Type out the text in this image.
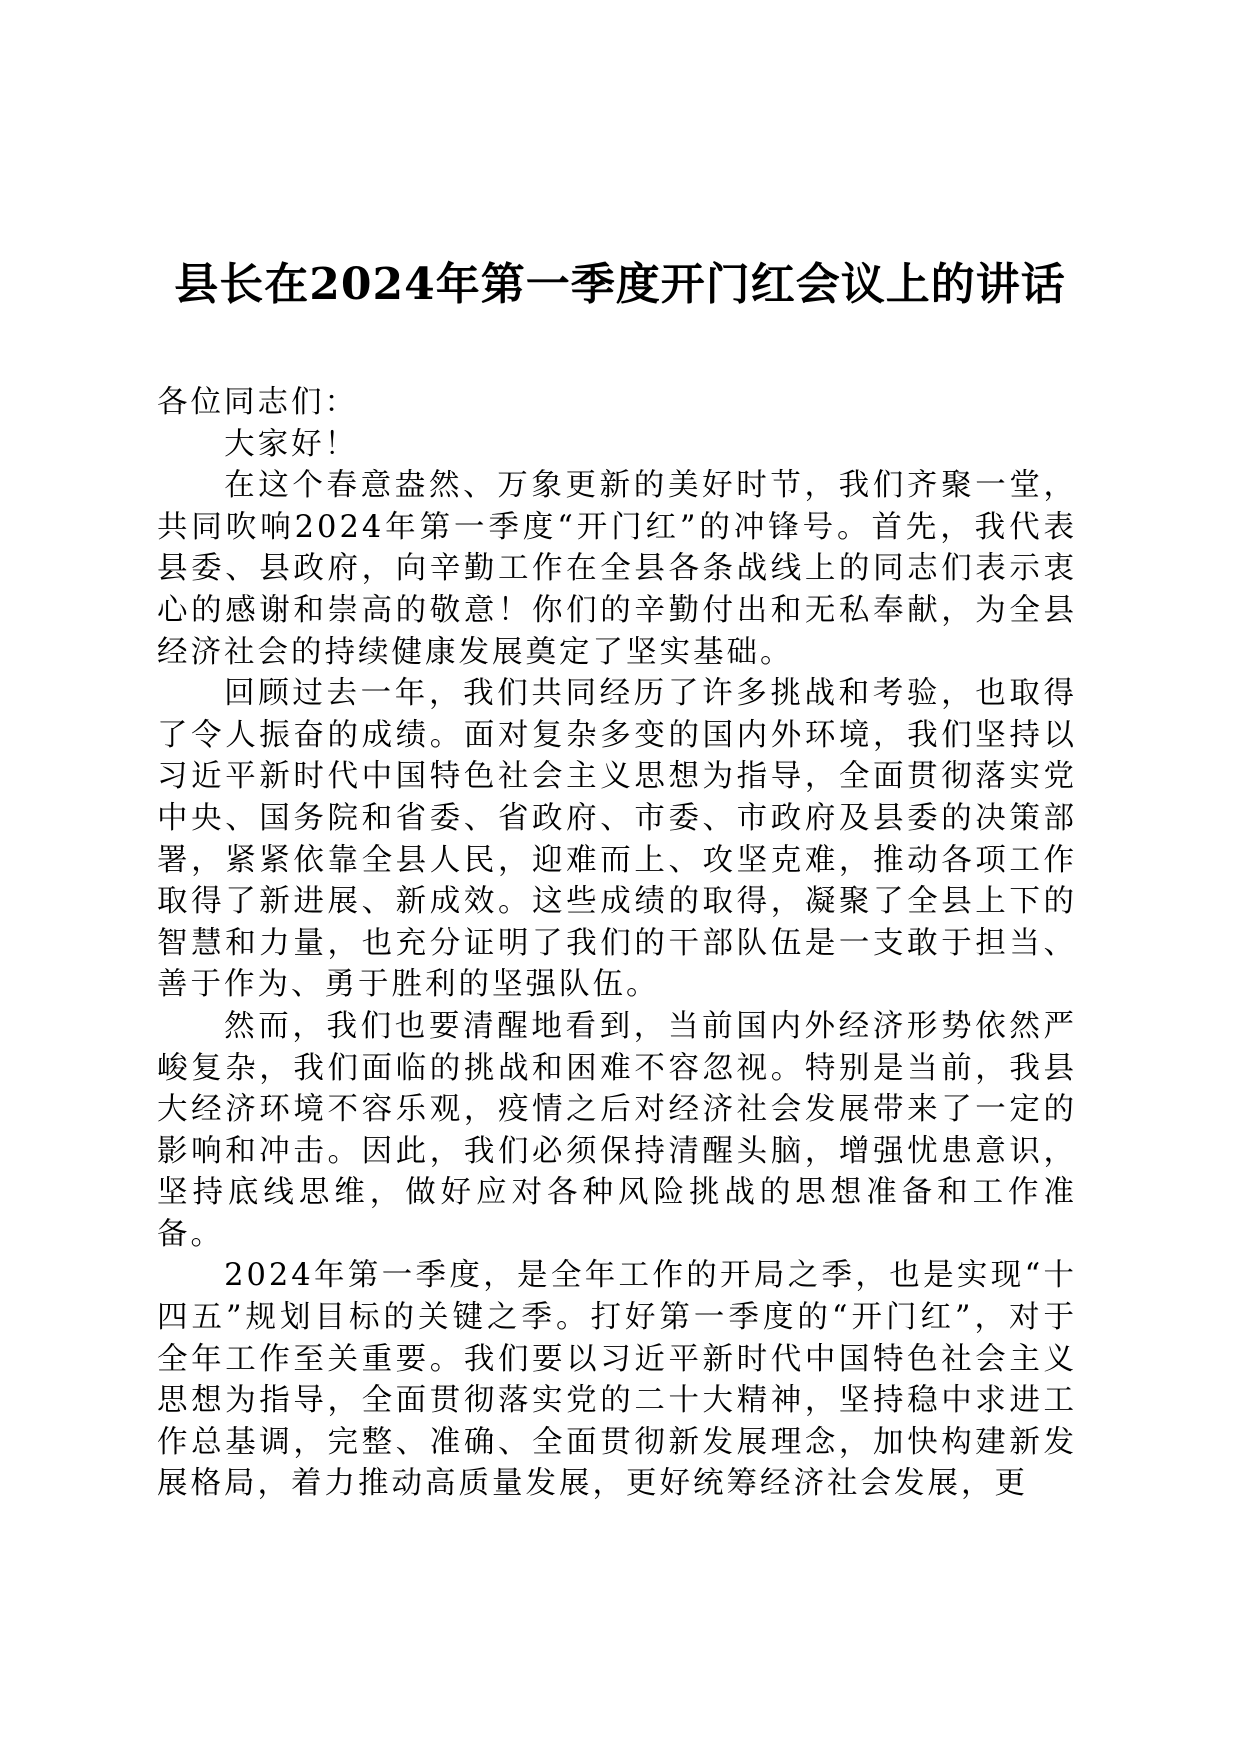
县长在2024年第一季度开门红会议上的讲话

各位同志们：

大家好！

在这个春意盎然、万象更新的美好时节，我们齐聚一堂，共同吹响2024年第一季度“开门红”的冲锋号。首先，我代表县委、县政府，向辛勤工作在全县各条战线上的同志们表示衷心的感谢和崇高的敬意！你们的辛勤付出和无私奉献，为全县经济社会的持续健康发展奠定了坚实基础。

回顾过去一年，我们共同经历了许多挑战和考验，也取得了令人振奋的成绩。面对复杂多变的国内外环境，我们坚持以习近平新时代中国特色社会主义思想为指导，全面贯彻落实党中央、国务院和省委、省政府、市委、市政府及县委的决策部署，紧紧依靠全县人民，迎难而上、攻坚克难，推动各项工作取得了新进展、新成效。这些成绩的取得，凝聚了全县上下的智慧和力量，也充分证明了我们的干部队伍是一支敢于担当、善于作为、勇于胜利的坚强队伍。

然而，我们也要清醒地看到，当前国内外经济形势依然严峻复杂，我们面临的挑战和困难不容忽视。特别是当前，我县大经济环境不容乐观，疫情之后对经济社会发展带来了一定的影响和冲击。因此，我们必须保持清醒头脑，增强忧患意识，坚持底线思维，做好应对各种风险挑战的思想准备和工作准备。

2024年第一季度，是全年工作的开局之季，也是实现“十四五”规划目标的关键之季。打好第一季度的“开门红”，对于全年工作至关重要。我们要以习近平新时代中国特色社会主义思想为指导，全面贯彻落实党的二十大精神，坚持稳中求进工作总基调，完整、准确、全面贯彻新发展理念，加快构建新发展格局，着力推动高质量发展，更好统筹经济社会发展，更
